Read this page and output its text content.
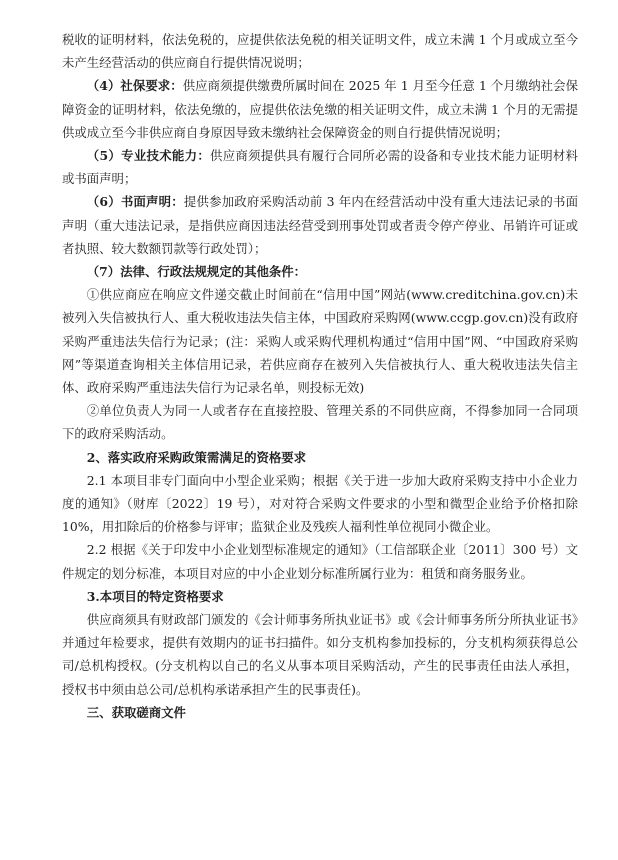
税收的证明材料，依法免税的，应提供依法免税的相关证明文件，成立未满 1 个月或成立至今未产生经营活动的供应商自行提供情况说明；

（4）社保要求：供应商须提供缴费所属时间在 2025 年 1 月至今任意 1 个月缴纳社会保障资金的证明材料，依法免缴的，应提供依法免缴的相关证明文件，成立未满 1 个月的无需提供或成立至今非供应商自身原因导致未缴纳社会保障资金的则自行提供情况说明；

（5）专业技术能力：供应商须提供具有履行合同所必需的设备和专业技术能力证明材料或书面声明；

（6）书面声明：提供参加政府采购活动前 3 年内在经营活动中没有重大违法记录的书面声明（重大违法记录，是指供应商因违法经营受到刑事处罚或者责令停产停业、吊销许可证或者执照、较大数额罚款等行政处罚）；

（7）法律、行政法规规定的其他条件：

①供应商应在响应文件递交截止时间前在“信用中国”网站(www.creditchina.gov.cn)未被列入失信被执行人、重大税收违法失信主体，中国政府采购网(www.ccgp.gov.cn)没有政府采购严重违法失信行为记录；(注：采购人或采购代理机构通过“信用中国”网、“中国政府采购网”等渠道查询相关主体信用记录，若供应商存在被列入失信被执行人、重大税收违法失信主体、政府采购严重违法失信行为记录名单，则投标无效)

②单位负责人为同一人或者存在直接控股、管理关系的不同供应商，不得参加同一合同项下的政府采购活动。

2、落实政府采购政策需满足的资格要求

2.1 本项目非专门面向中小型企业采购；根据《关于进一步加大政府采购支持中小企业力度的通知》（财库〔2022〕19 号），对对符合采购文件要求的小型和微型企业给予价格扣除 10%，用扣除后的价格参与评审；监狱企业及残疾人福利性单位视同小微企业。

2.2 根据《关于印发中小企业划型标准规定的通知》（工信部联企业〔2011〕300 号）文件规定的划分标准，本项目对应的中小企业划分标准所属行业为：租赁和商务服务业。

3.本项目的特定资格要求

供应商须具有财政部门颁发的《会计师事务所执业证书》或《会计师事务所分所执业证书》并通过年检要求，提供有效期内的证书扫描件。如分支机构参加投标的，分支机构须获得总公司/总机构授权。(分支机构以自己的名义从事本项目采购活动，产生的民事责任由法人承担，授权书中须由总公司/总机构承诺承担产生的民事责任)。

三、获取磋商文件
